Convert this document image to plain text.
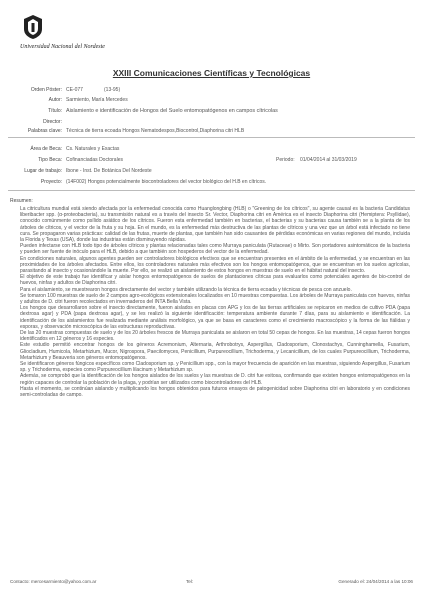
Universidad Nacional del Nordeste
XXIII Comunicaciones Científicas y Tecnológicas
Orden Póster: CE-077	(13-95)
Autor: Sarmiento, María Mercedes
Título: Aislamiento e identificación de Hongos del Suelo entomopatógenos en campos cítricolas
Director:
Palabras clave: Técnica de tierra ecoada Hongos Nematodespos,Biocontrol,Diaphorina citri HLB
Área de Beca: Cs. Naturales y Exactas
Tipo Beca: Cofinanciadas Doctorales	Periodo: 01/04/2014 al 31/03/2019
Lugar de trabajo: Ibone - Inst. De Botánica Del Nordeste
Proyecto: (14F002) Hongos potencialmente biocontroladores del vector biológico del H.B en cítricos.
Resumen:

La citricultura mundial está siendo afectada por la enfermedad conocida como Huanglongbing (HLB) o "Greening de los cítricos", su agente causal es la bacteria Candidatus liberibacter spp. (α-proteobacteria), su transmisión natural es a través del insecto Sr. Vector, Diaphorina citri en América es el insecto Diaphorina citri (Hemiptera: Psyllidae), conocido comúnmente como psílido asiático de los cítricos. Fueron esta enfermedad también en bacterias, el bacterias y su bacterias causa también se a la planta de los árboles de cítricos, y el vector de la fruta y su hoja. En el mundo, es la enfermedad más destructiva de las plantas de cítricos y una vez que un árbol está infectado no tiene cura. Se propagaron varias prácticas: calidad de las frutas, muerte de plantas, que también han sido causantes de pérdidas económicas en varias regiones del mundo, incluida la Florida y Texas (USA), donde las industrias están disminuyendo rápidas.

Pueden infectarse con HLB todo tipo de árboles cítricos y plantas relacionadas tales como Murraya paniculata (Rutaceae) o Mirto. Son portadores asintomáticos de la bacteria y pueden ser fuente de inóculo para el HLB, debido a que también son hospederos del vector de la enfermedad.

En condiciones naturales, algunos agentes pueden ser controladores biológicos efectivos que se encuentran presentes en el ámbito de la enfermedad, y se encuentran en las proximidades de los árboles afectados. Entre ellos, los controladores naturales más efectivos son los hongos entomopatógenos, que se encuentran en los suelos agrícolas, parasitando al insecto y ocasionándole la muerte. Por ello, se realizó un aislamiento de estos hongos en muestras de suelo en el hábitat natural del insecto.

El objetivo de este trabajo fue identificar y aislar hongos entomopatógenos de suelos de plantaciones cítricas para evaluarlos como potenciales agentes de bio-control de huevos, ninfas y adultos de Diaphorina citri.

Para el aislamiento, se muestrearon hongos directamente del vector y también utilizando la técnica de tierra ecoada y técnicas de pesca con anzuelo.

Se tomaron 100 muestras de suelo de 2 campos agro-ecológicos extensionales localizados en 10 muestras compuestas. Los árboles de Murraya paniculata con huevos, ninfas y adultos de D. citri fueron recolectados en invernaderos del INTA Bella Vista.

Los hongos que desarrollaron sobre el insecto directamente, fueron aislados en placas con APG y los de las tierras artificiales se repicaron en medios de cultivo PDA (papa dextrosa agar) y PDA (papa dextrosa agar), y se les realizó la siguiente identificación: temperatura ambiente durante 7 días, para su aislamiento e identificación. La identificación de los aislamientos fue realizada mediante análisis morfológico, ya que se basa en caracteres como el crecimiento macroscópico y la forma de las fiálidas y esporas, y observación microscópica de las estructuras reproductivas.

De las 20 muestras compuestas de suelo y de los 20 árboles frescos de Murraya paniculata se aislaron en total 50 cepas de hongos. En las muestras, 14 cepas fueron hongos identificados en 12 géneros y 16 especies.

Este estudio permitió encontrar hongos de los géneros Acremonium, Alternaria, Arthrobotrys, Aspergillus, Cladosporium, Clonostachys, Cunninghamella, Fusarium, Gliocladium, Humicola, Metarhizium, Mucor, Nigrospora, Paecilomyces, Penicillium, Purpureocillium, Trichoderma, y Lecanicillium, de los cuales Purpureocillium, Trichoderma, Metarhizium y Beauveria son géneros entomopatógenos.

Se identificaron géneros fúngicos específicos como Cladosporium sp. y Penicillium spp., con la mayor frecuencia de aparición en las muestras, siguiendo Aspergillus, Fusarium sp. y Trichoderma, especies como Purpureocillium lilacinum y Metarhizium sp.

Además, se comprobó que la identificación de los hongos aislados de los suelos y las muestras de D. citri fue exitosa, confirmando que existen hongos entomopatógenos en la región capaces de controlar la población de la plaga, y podrían ser utilizados como biocontroladores del HLB.

Hasta el momento, se continúan aislando y multiplicando los hongos obtenidos para futuros ensayos de patogenicidad sobre Diaphorina citri en laboratorio y en condiciones semi-controladas de campo.

Contacto: mercesarmiento@yahoo.com.ar	Tel:	Generado el: 24/04/2014 a las 10:06
